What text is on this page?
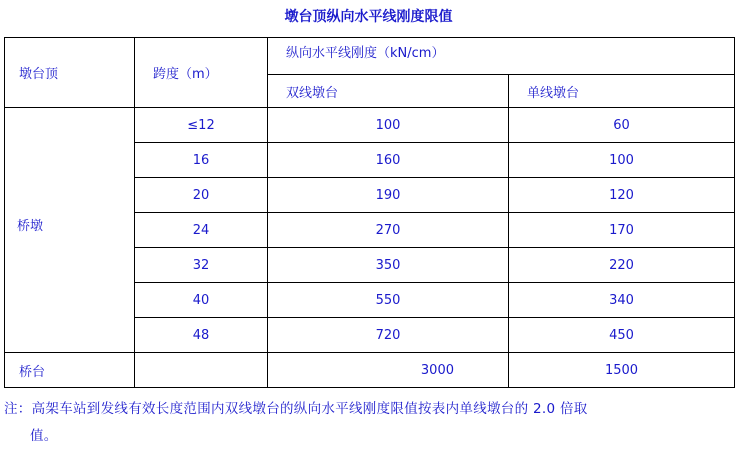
墩台顶纵向水平线刚度限值
墩台顶	跨度（m）	纵向水平线刚度（kN/cm）	
		双线墩台	单线墩台

桥墩	≤12	100	60
	16	160	100
	20	190	120
	24	270	170
	32	350	220
	40	550	340
	48	720	450
桥台		3000	1500
注：高架车站到发线有效长度范围内双线墩台的纵向水平线刚度限值按表内单线墩台的 2.0 倍取
值。
